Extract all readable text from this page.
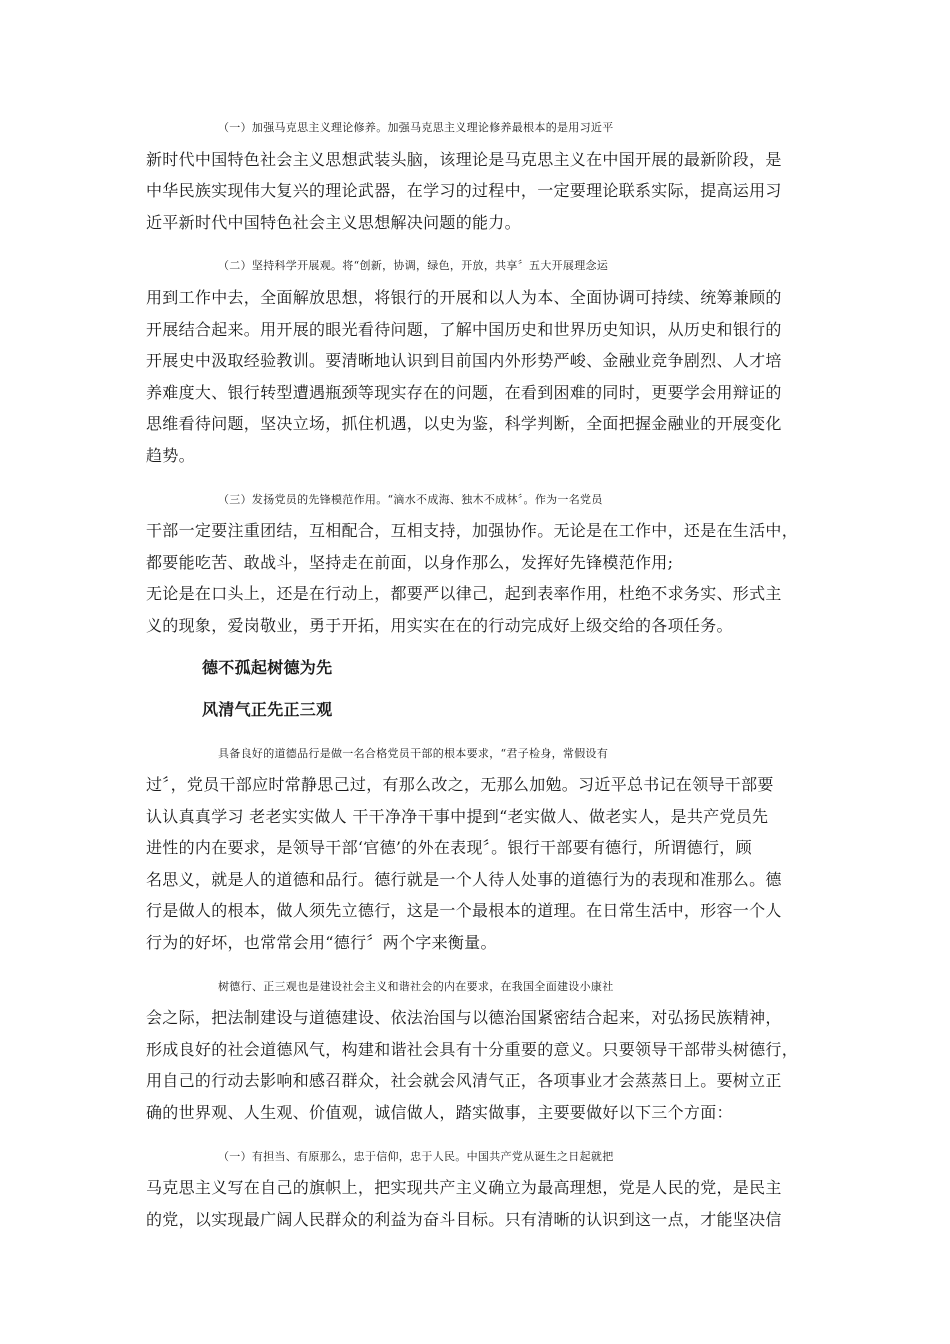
（一）加强马克思主义理论修养。加强马克思主义理论修养最根本的是用习近平
新时代中国特色社会主义思想武装头脑，该理论是马克思主义在中国开展的最新阶段，是
中华民族实现伟大复兴的理论武器，在学习的过程中，一定要理论联系实际，提高运用习
近平新时代中国特色社会主义思想解决问题的能力。
（二）坚持科学开展观。将“创新，协调，绿色，开放，共享〞五大开展理念运
用到工作中去，全面解放思想，将银行的开展和以人为本、全面协调可持续、统筹兼顾的
开展结合起来。用开展的眼光看待问题，了解中国历史和世界历史知识，从历史和银行的
开展史中汲取经验教训。要清晰地认识到目前国内外形势严峻、金融业竞争剧烈、人才培
养难度大、银行转型遭遇瓶颈等现实存在的问题，在看到困难的同时，更要学会用辩证的
思维看待问题，坚决立场，抓住机遇，以史为鉴，科学判断，全面把握金融业的开展变化
趋势。
（三）发扬党员的先锋模范作用。“滴水不成海、独木不成林〞。作为一名党员
干部一定要注重团结，互相配合，互相支持，加强协作。无论是在工作中，还是在生活中，
都要能吃苦、敢战斗，坚持走在前面，以身作那么，发挥好先锋模范作用;
无论是在口头上，还是在行动上，都要严以律己，起到表率作用，杜绝不求务实、形式主
义的现象，爱岗敬业，勇于开拓，用实实在在的行动完成好上级交给的各项任务。
德不孤起树德为先
风清气正先正三观
具备良好的道德品行是做一名合格党员干部的根本要求，“君子检身，常假设有
过〞，党员干部应时常静思己过，有那么改之，无那么加勉。习近平总书记在领导干部要
认认真真学习 老老实实做人 干干净净干事中提到“老实做人、做老实人，是共产党员先
进性的内在要求，是领导干部‘官德’的外在表现〞。银行干部要有德行，所谓德行，顾
名思义，就是人的道德和品行。德行就是一个人待人处事的道德行为的表现和准那么。德
行是做人的根本，做人须先立德行，这是一个最根本的道理。在日常生活中，形容一个人
行为的好坏，也常常会用“德行〞两个字来衡量。
树德行、正三观也是建设社会主义和谐社会的内在要求，在我国全面建设小康社
会之际，把法制建设与道德建设、依法治国与以德治国紧密结合起来，对弘扬民族精神，
形成良好的社会道德风气，构建和谐社会具有十分重要的意义。只要领导干部带头树德行，
用自己的行动去影响和感召群众，社会就会风清气正，各项事业才会蒸蒸日上。要树立正
确的世界观、人生观、价值观，诚信做人，踏实做事，主要要做好以下三个方面：
（一）有担当、有原那么，忠于信仰，忠于人民。中国共产党从诞生之日起就把
马克思主义写在自己的旗帜上，把实现共产主义确立为最高理想，党是人民的党，是民主
的党，以实现最广阔人民群众的利益为奋斗目标。只有清晰的认识到这一点，才能坚决信
